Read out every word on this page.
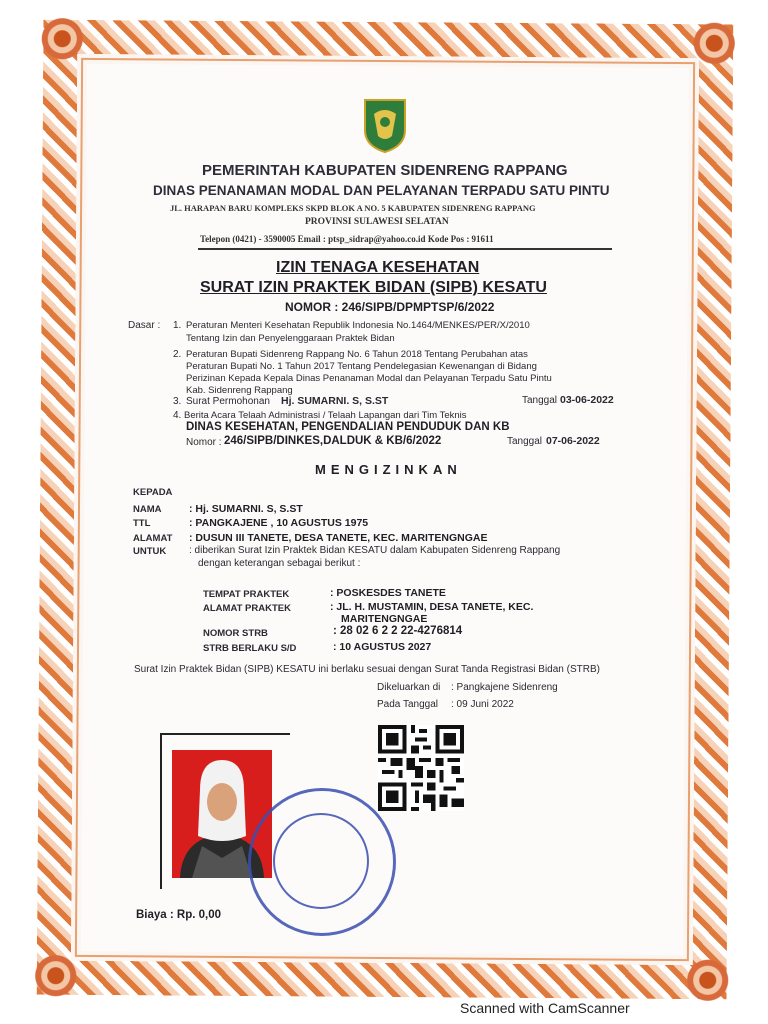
PEMERINTAH KABUPATEN SIDENRENG RAPPANG
DINAS PENANAMAN MODAL DAN PELAYANAN TERPADU SATU PINTU
JL. HARAPAN BARU KOMPLEKS SKPD BLOK A NO. 5 KABUPATEN SIDENRENG RAPPANG
PROVINSI SULAWESI SELATAN
Telepon (0421) - 3590005 Email : ptsp_sidrap@yahoo.co.id Kode Pos : 91611
IZIN TENAGA KESEHATAN
SURAT IZIN PRAKTEK BIDAN (SIPB) KESATU
NOMOR : 246/SIPB/DPMPTSP/6/2022
Dasar : 1. Peraturan Menteri Kesehatan Republik Indonesia No.1464/MENKES/PER/X/2010
Tentang Izin dan Penyelenggaraan Praktek Bidan
2. Peraturan Bupati Sidenreng Rappang No. 6 Tahun 2018 Tentang Perubahan atas
Peraturan Bupati No. 1 Tahun 2017 Tentang Pendelegasian Kewenangan di Bidang
Perizinan Kepada Kepala Dinas Penanaman Modal dan Pelayanan Terpadu Satu Pintu
Kab. Sidenreng Rappang
3. Surat Permohonan Hj. SUMARNI. S, S.ST	Tanggal 03-06-2022
4. Berita Acara Telaah Administrasi / Telaah Lapangan dari Tim Teknis
DINAS KESEHATAN, PENGENDALIAN PENDUDUK DAN KB
Nomor : 246/SIPB/DINKES,DALDUK & KB/6/2022	Tanggal 07-06-2022
MENGIZINKAN
KEPADA
NAMA	: Hj. SUMARNI. S, S.ST
TTL	: PANGKAJENE , 10 AGUSTUS 1975
ALAMAT : DUSUN III TANETE, DESA TANETE, KEC. MARITENGNGAE
UNTUK : diberikan Surat Izin Praktek Bidan KESATU dalam Kabupaten Sidenreng Rappang
dengan keterangan sebagai berikut :
TEMPAT PRAKTEK	: POSKESDES TANETE
ALAMAT PRAKTEK	: JL. H. MUSTAMIN, DESA TANETE, KEC.
MARITENGNGAE
NOMOR STRB	: 28 02 6 2 2 22-4276814
STRB BERLAKU S/D	: 10 AGUSTUS 2027
Surat Izin Praktek Bidan (SIPB) KESATU ini berlaku sesuai dengan Surat Tanda Registrasi Bidan (STRB)
Dikeluarkan di : Pangkajene Sidenreng
Pada Tanggal : 09 Juni 2022
Biaya : Rp. 0,00
Scanned with CamScanner
